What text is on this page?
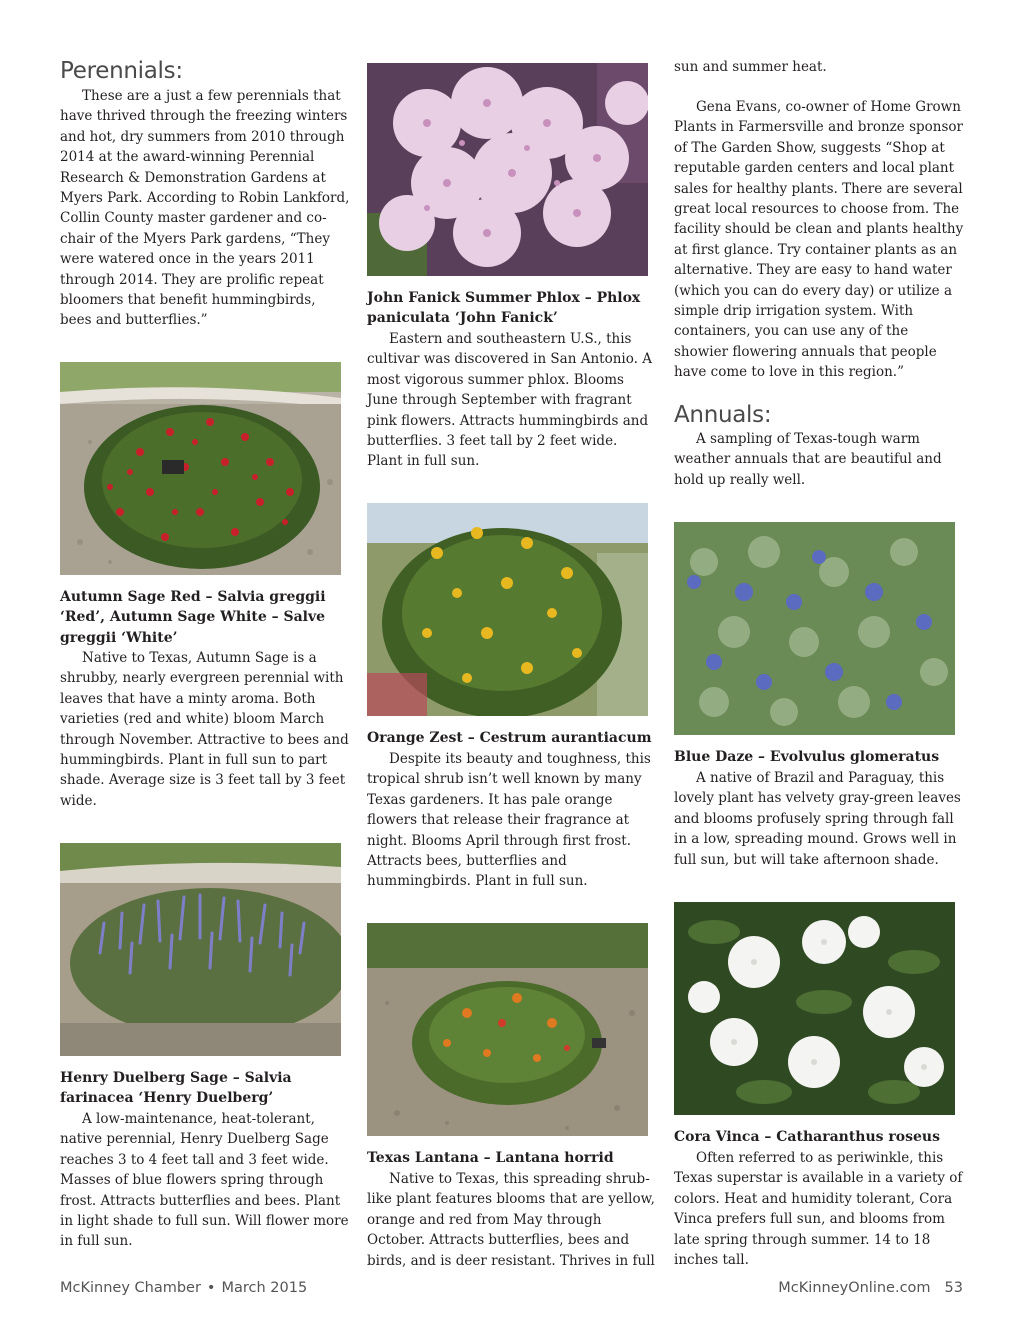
Perennials:

These are a just a few perennials that have thrived through the freezing winters and hot, dry summers from 2010 through 2014 at the award-winning Perennial Research & Demonstration Gardens at Myers Park. According to Robin Lankford, Collin County master gardener and co-chair of the Myers Park gardens, “They were watered once in the years 2011 through 2014. They are prolific repeat bloomers that benefit hummingbirds, bees and butterflies.”

Autumn Sage Red – Salvia greggii ‘Red’, Autumn Sage White – Salve greggii ‘White’

Native to Texas, Autumn Sage is a shrubby, nearly evergreen perennial with leaves that have a minty aroma. Both varieties (red and white) bloom March through November. Attractive to bees and hummingbirds. Plant in full sun to part shade. Average size is 3 feet tall by 3 feet wide.

Henry Duelberg Sage – Salvia farinacea ‘Henry Duelberg’

A low-maintenance, heat-tolerant, native perennial, Henry Duelberg Sage reaches 3 to 4 feet tall and 3 feet wide. Masses of blue flowers spring through frost. Attracts butterflies and bees. Plant in light shade to full sun. Will flower more in full sun.

John Fanick Summer Phlox – Phlox paniculata ‘John Fanick’

Eastern and southeastern U.S., this cultivar was discovered in San Antonio. A most vigorous summer phlox. Blooms June through September with fragrant pink flowers. Attracts hummingbirds and butterflies. 3 feet tall by 2 feet wide. Plant in full sun.

Orange Zest – Cestrum aurantiacum

Despite its beauty and toughness, this tropical shrub isn’t well known by many Texas gardeners. It has pale orange flowers that release their fragrance at night. Blooms April through first frost. Attracts bees, butterflies and hummingbirds. Plant in full sun.

Texas Lantana – Lantana horrid

Native to Texas, this spreading shrub-like plant features blooms that are yellow, orange and red from May through October. Attracts butterflies, bees and birds, and is deer resistant. Thrives in full

sun and summer heat.

Gena Evans, co-owner of Home Grown Plants in Farmersville and bronze sponsor of The Garden Show, suggests “Shop at reputable garden centers and local plant sales for healthy plants. There are several great local resources to choose from. The facility should be clean and plants healthy at first glance. Try container plants as an alternative. They are easy to hand water (which you can do every day) or utilize a simple drip irrigation system. With containers, you can use any of the showier flowering annuals that people have come to love in this region.”

Annuals:

A sampling of Texas-tough warm weather annuals that are beautiful and hold up really well.

Blue Daze – Evolvulus glomeratus

A native of Brazil and Paraguay, this lovely plant has velvety gray-green leaves and blooms profusely spring through fall in a low, spreading mound. Grows well in full sun, but will take afternoon shade.

Cora Vinca – Catharanthus roseus

Often referred to as periwinkle, this Texas superstar is available in a variety of colors. Heat and humidity tolerant, Cora Vinca prefers full sun, and blooms from late spring through summer. 14 to 18 inches tall.

McKinney Chamber • March 2015	McKinneyOnline.com 53
